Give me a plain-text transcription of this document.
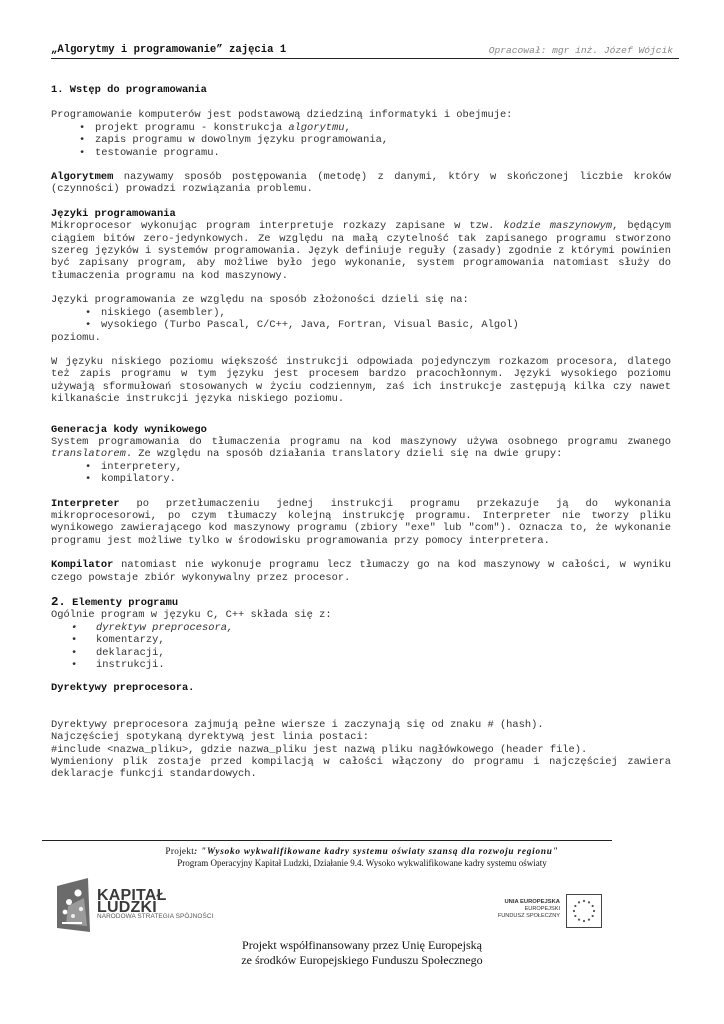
„Algorytmy i programowanie” zajęcia 1	Opracował: mgr inż. Józef Wójcik

1. Wstęp do programowania

Programowanie komputerów jest podstawową dziedziną informatyki i obejmuje:

• projekt programu - konstrukcja algorytmu,
• zapis programu w dowolnym języku programowania,
• testowanie programu.

Algorytmem nazywamy sposób postępowania (metodę) z danymi, który w skończonej liczbie kroków (czynności) prowadzi rozwiązania problemu.

Języki programowania

Mikroprocesor wykonując program interpretuje rozkazy zapisane w tzw. kodzie maszynowym, będącym ciągiem bitów zero-jedynkowych. Ze względu na małą czytelność tak zapisanego programu stworzono szereg języków i systemów programowania. Język definiuje reguły (zasady) zgodnie z którymi powinien być zapisany program, aby możliwe było jego wykonanie, system programowania natomiast służy do tłumaczenia programu na kod maszynowy.

Języki programowania ze względu na sposób złożoności dzieli się na:

• niskiego (asembler),
• wysokiego (Turbo Pascal, C/C++, Java, Fortran, Visual Basic, Algol)

poziomu.

W języku niskiego poziomu większość instrukcji odpowiada pojedynczym rozkazom procesora, dlatego też zapis programu w tym języku jest procesem bardzo pracochłonnym. Języki wysokiego poziomu używają sformułowań stosowanych w życiu codziennym, zaś ich instrukcje zastępują kilka czy nawet kilkanaście instrukcji języka niskiego poziomu.

Generacja kody wynikowego

System programowania do tłumaczenia programu na kod maszynowy używa osobnego programu zwanego translatorem. Ze względu na sposób działania translatory dzieli się na dwie grupy:

• interpretery,
• kompilatory.

Interpreter po przetłumaczeniu jednej instrukcji programu przekazuje ją do wykonania mikroprocesorowi, po czym tłumaczy kolejną instrukcję programu. Interpreter nie tworzy pliku wynikowego zawierającego kod maszynowy programu (zbiory "exe" lub "com"). Oznacza to, że wykonanie programu jest możliwe tylko w środowisku programowania przy pomocy interpretera.

Kompilator natomiast nie wykonuje programu lecz tłumaczy go na kod maszynowy w całości, w wyniku czego powstaje zbiór wykonywalny przez procesor.

2. Elementy programu

Ogólnie program w języku C, C++ składa się z:

• dyrektyw preprocesora,
• komentarzy,
• deklaracji,
• instrukcji.

Dyrektywy preprocesora.

Dyrektywy preprocesora zajmują pełne wiersze i zaczynają się od znaku # (hash).

Najczęściej spotykaną dyrektywą jest linia postaci:

#include <nazwa_pliku>, gdzie nazwa_pliku jest nazwą pliku nagłówkowego (header file).

Wymieniony plik zostaje przed kompilacją w całości włączony do programu i najczęściej zawiera deklaracje funkcji standardowych.

Projekt: "Wysoko wykwalifikowane kadry systemu oświaty szansą dla rozwoju regionu"
Program Operacyjny Kapitał Ludzki, Działanie 9.4. Wysoko wykwalifikowane kadry systemu oświaty
KAPITAŁ LUDZKI
NARODOWA STRATEGIA SPÓJNOŚCI
UNIA EUROPEJSKA
EUROPEJSKI
FUNDUSZ SPOŁECZNY
Projekt współfinansowany przez Unię Europejską
ze środków Europejskiego Funduszu Społecznego
